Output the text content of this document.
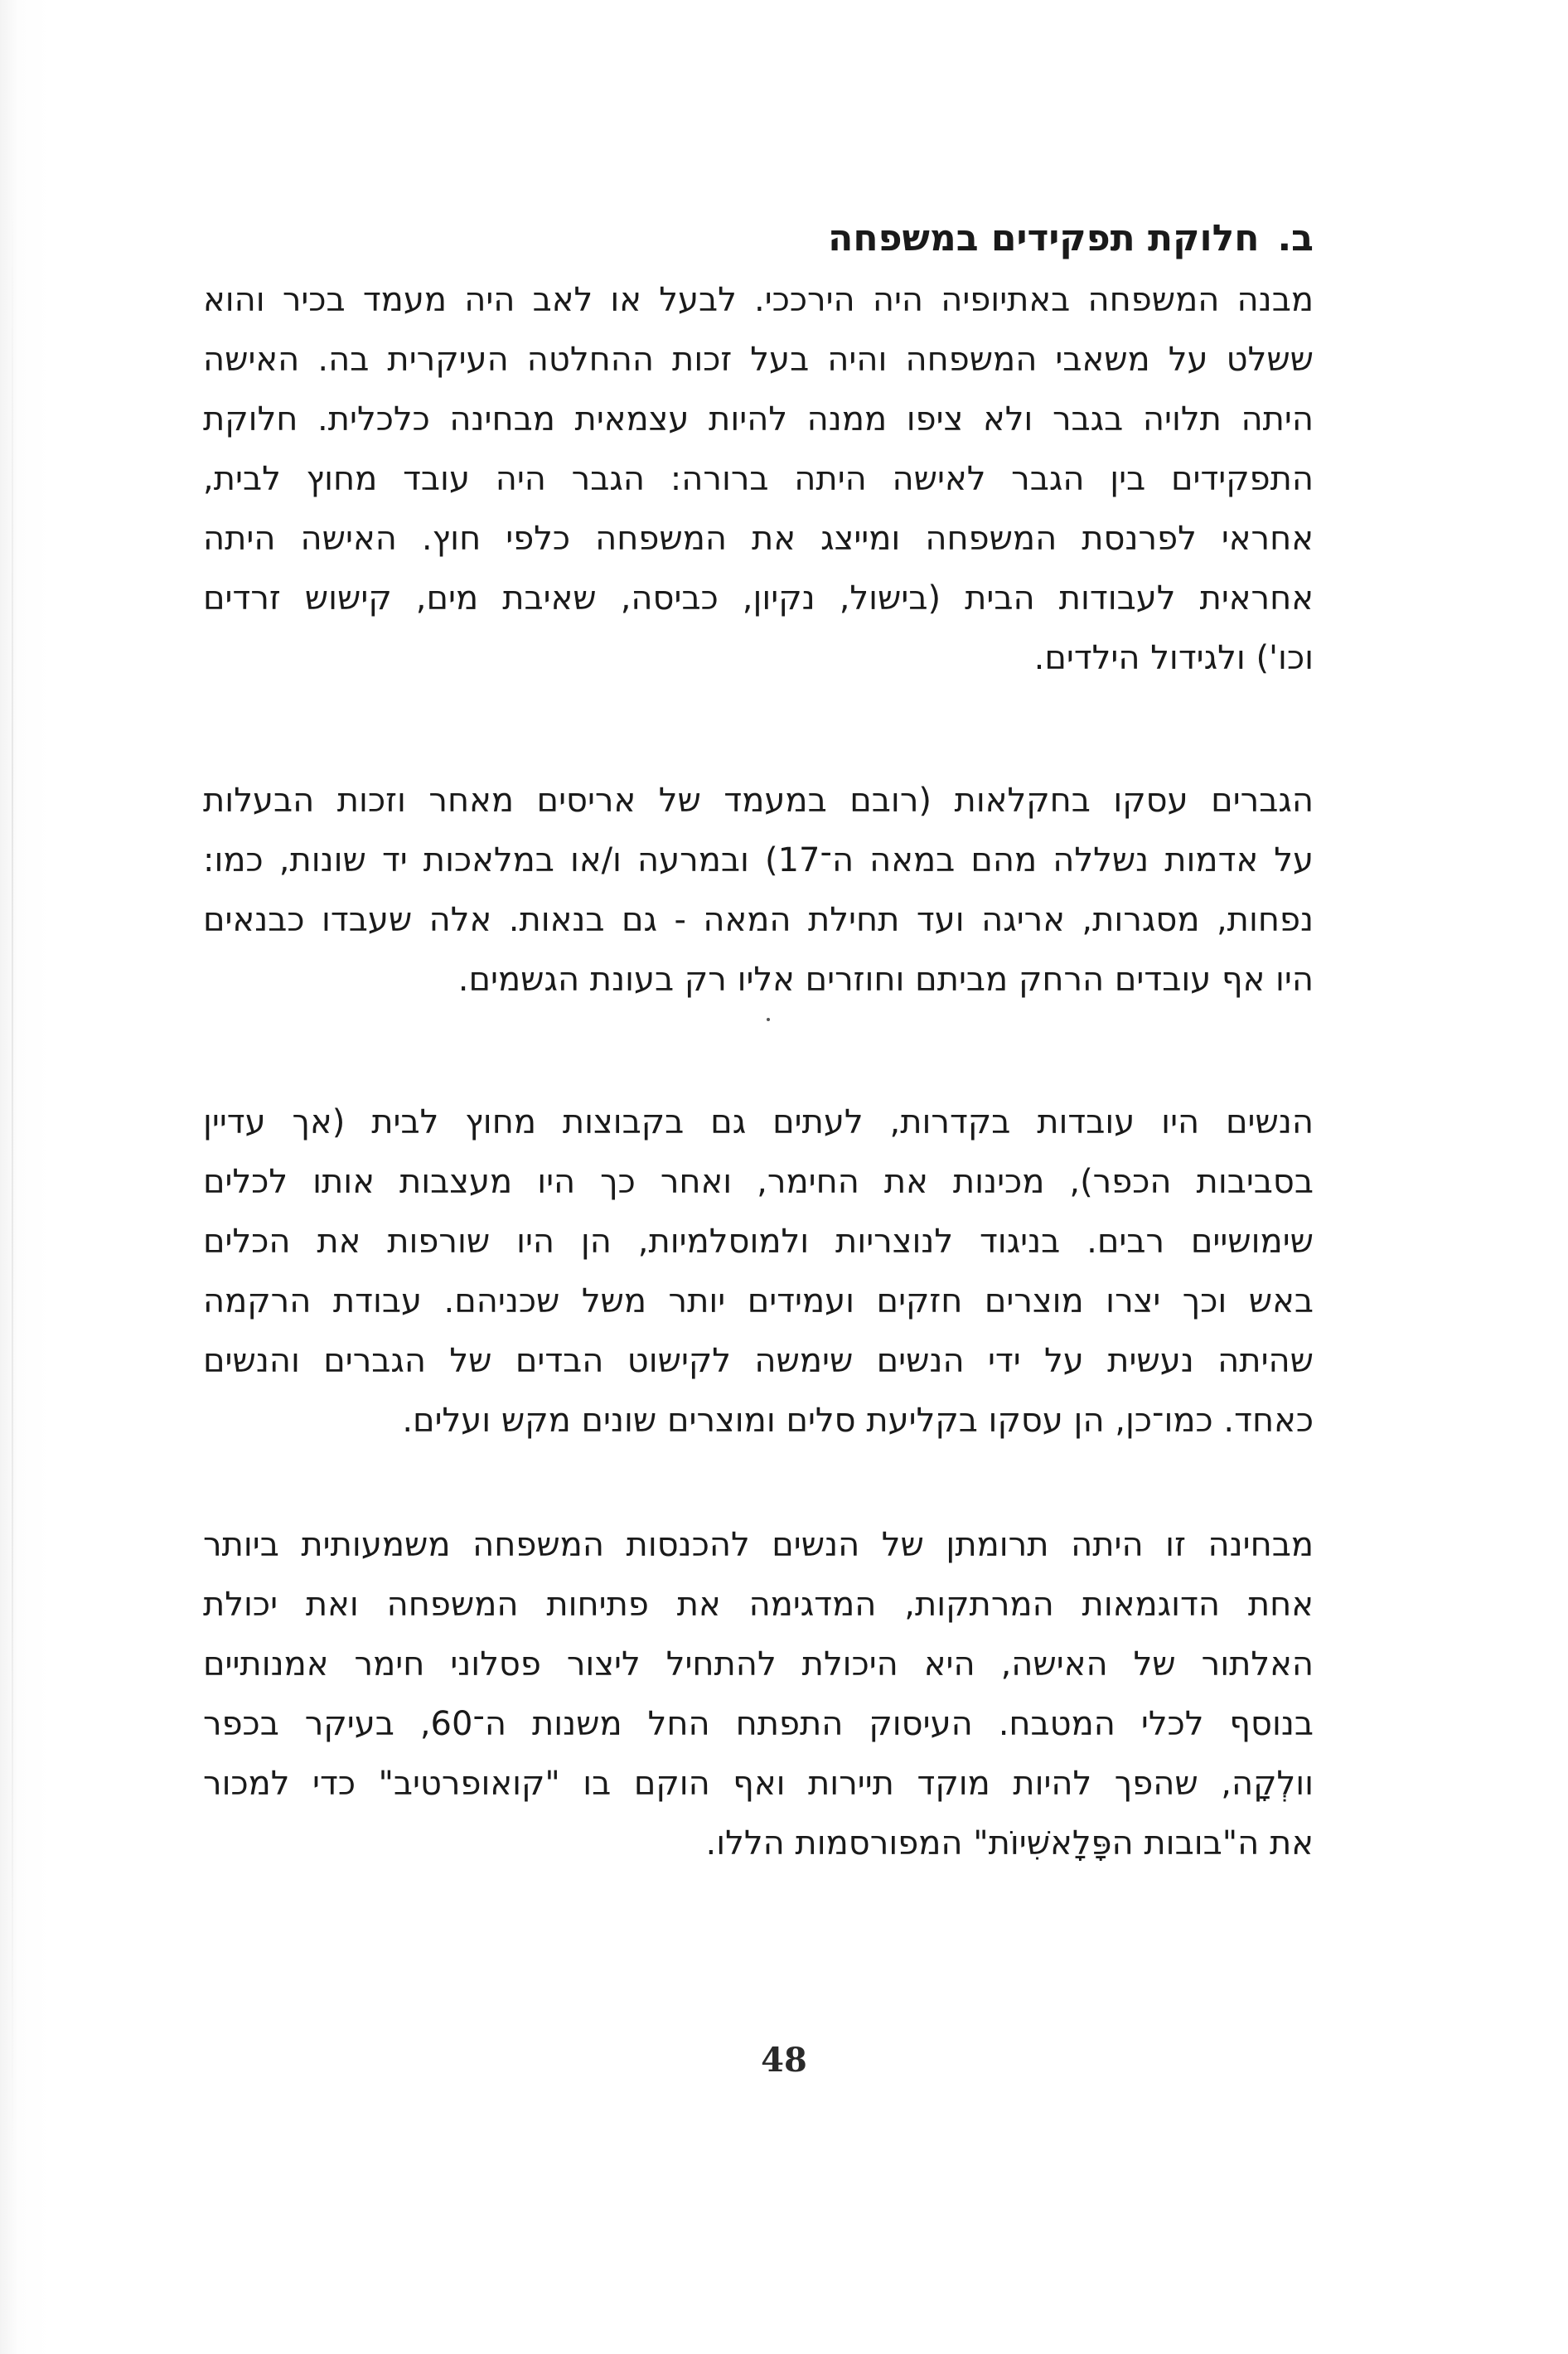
ב.חלוקת תפקידים במשפחה
מבנה המשפחה באתיופיה היה הירככי. לבעל או לאב היה מעמד בכיר והוא
ששלט על משאבי המשפחה והיה בעל זכות ההחלטה העיקרית בה. האישה
היתה תלויה בגבר ולא ציפו ממנה להיות עצמאית מבחינה כלכלית. חלוקת
התפקידים בין הגבר לאישה היתה ברורה: הגבר היה עובד מחוץ לבית,
אחראי לפרנסת המשפחה ומייצג את המשפחה כלפי חוץ. האישה היתה
אחראית לעבודות הבית (בישול, נקיון, כביסה, שאיבת מים, קישוש זרדים
וכו') ולגידול הילדים.
הגברים עסקו בחקלאות (רובם במעמד של אריסים מאחר וזכות הבעלות
על אדמות נשללה מהם במאה ה־17) ובמרעה ו/או במלאכות יד שונות, כמו:
נפחות, מסגרות, אריגה ועד תחילת המאה - גם בנאות. אלה שעבדו כבנאים
היו אף עובדים הרחק מביתם וחוזרים אליו רק בעונת הגשמים.
הנשים היו עובדות בקדרות, לעתים גם בקבוצות מחוץ לבית (אך עדיין
בסביבות הכפר), מכינות את החימר, ואחר כך היו מעצבות אותו לכלים
שימושיים רבים. בניגוד לנוצריות ולמוסלמיות, הן היו שורפות את הכלים
באש וכך יצרו מוצרים חזקים ועמידים יותר משל שכניהם. עבודת הרקמה
שהיתה נעשית על ידי הנשים שימשה לקישוט הבדים של הגברים והנשים
כאחד. כמו־כן, הן עסקו בקליעת סלים ומוצרים שונים מקש ועלים.
מבחינה זו היתה תרומתן של הנשים להכנסות המשפחה משמעותית ביותר
אחת הדוגמאות המרתקות, המדגימה את פתיחות המשפחה ואת יכולת
האלתור של האישה, היא היכולת להתחיל ליצור פסלוני חימר אמנותיים
בנוסף לכלי המטבח. העיסוק התפתח החל משנות ה־60, בעיקר בכפר
וולְקָה, שהפך להיות מוקד תיירות ואף הוקם בו "קואופרטיב" כדי למכור
את ה"בובות הפָּלָאשִׁיוֹת" המפורסמות הללו.
48
